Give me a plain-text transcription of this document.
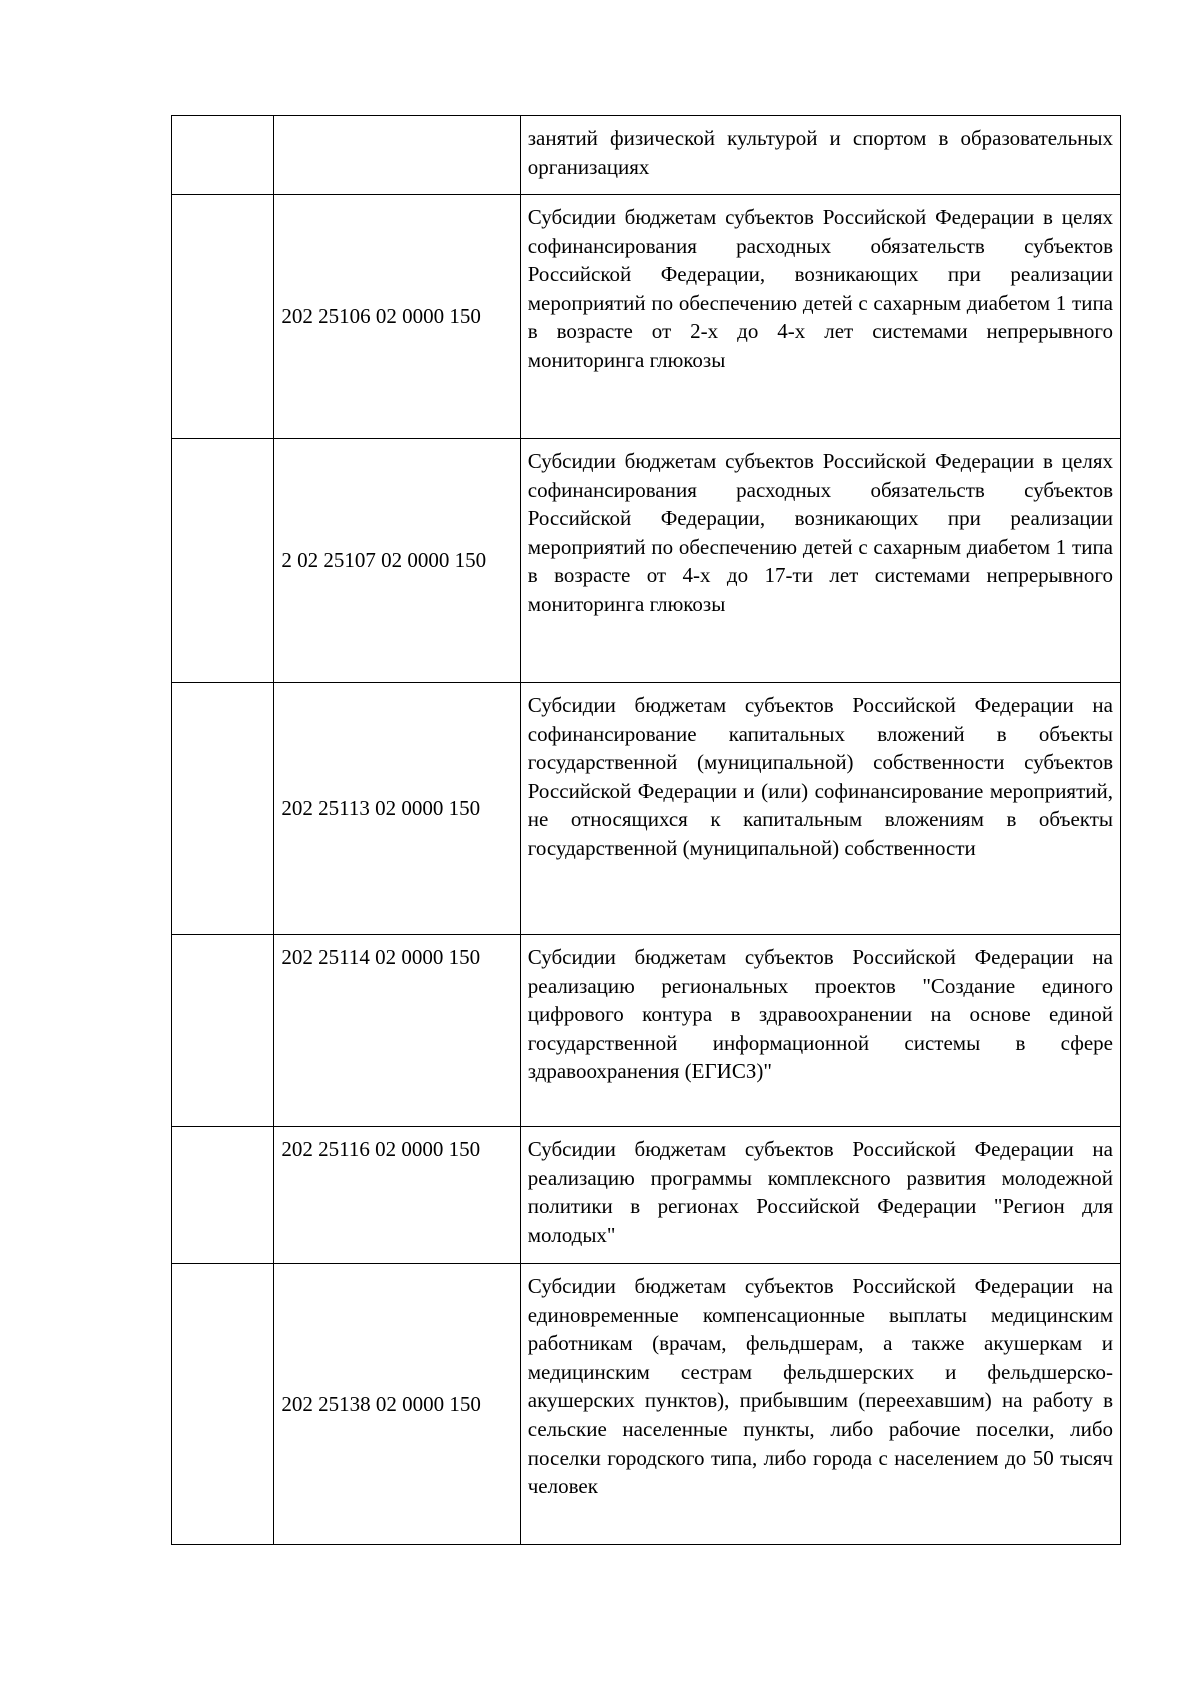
		занятий физической культурой и спортом в образовательных организациях
	202 25106 02 0000 150	Субсидии бюджетам субъектов Российской Федерации в целях софинансирования расходных обязательств субъектов Российской Федерации, возникающих при реализации мероприятий по обеспечению детей с сахарным диабетом 1 типа в возрасте от 2-х до 4-х лет системами непрерывного мониторинга глюкозы
	2 02 25107 02 0000 150	Субсидии бюджетам субъектов Российской Федерации в целях софинансирования расходных обязательств субъектов Российской Федерации, возникающих при реализации мероприятий по обеспечению детей с сахарным диабетом 1 типа в возрасте от 4-х до 17-ти лет системами непрерывного мониторинга глюкозы
	202 25113 02 0000 150	Субсидии бюджетам субъектов Российской Федерации на софинансирование капитальных вложений в объекты государственной (муниципальной) собственности субъектов Российской Федерации и (или) софинансирование мероприятий, не относящихся к капитальным вложениям в объекты государственной (муниципальной) собственности
	202 25114 02 0000 150	Субсидии бюджетам субъектов Российской Федерации на реализацию региональных проектов "Создание единого цифрового контура в здравоохранении на основе единой государственной информационной системы в сфере здравоохранения (ЕГИСЗ)"
	202 25116 02 0000 150	Субсидии бюджетам субъектов Российской Федерации на реализацию программы комплексного развития молодежной политики в регионах Российской Федерации "Регион для молодых"
	202 25138 02 0000 150	Субсидии бюджетам субъектов Российской Федерации на единовременные компенсационные выплаты медицинским работникам (врачам, фельдшерам, а также акушеркам и медицинским сестрам фельдшерских и фельдшерско-акушерских пунктов), прибывшим (переехавшим) на работу в сельские населенные пункты, либо рабочие поселки, либо поселки городского типа, либо города с населением до 50 тысяч человек
